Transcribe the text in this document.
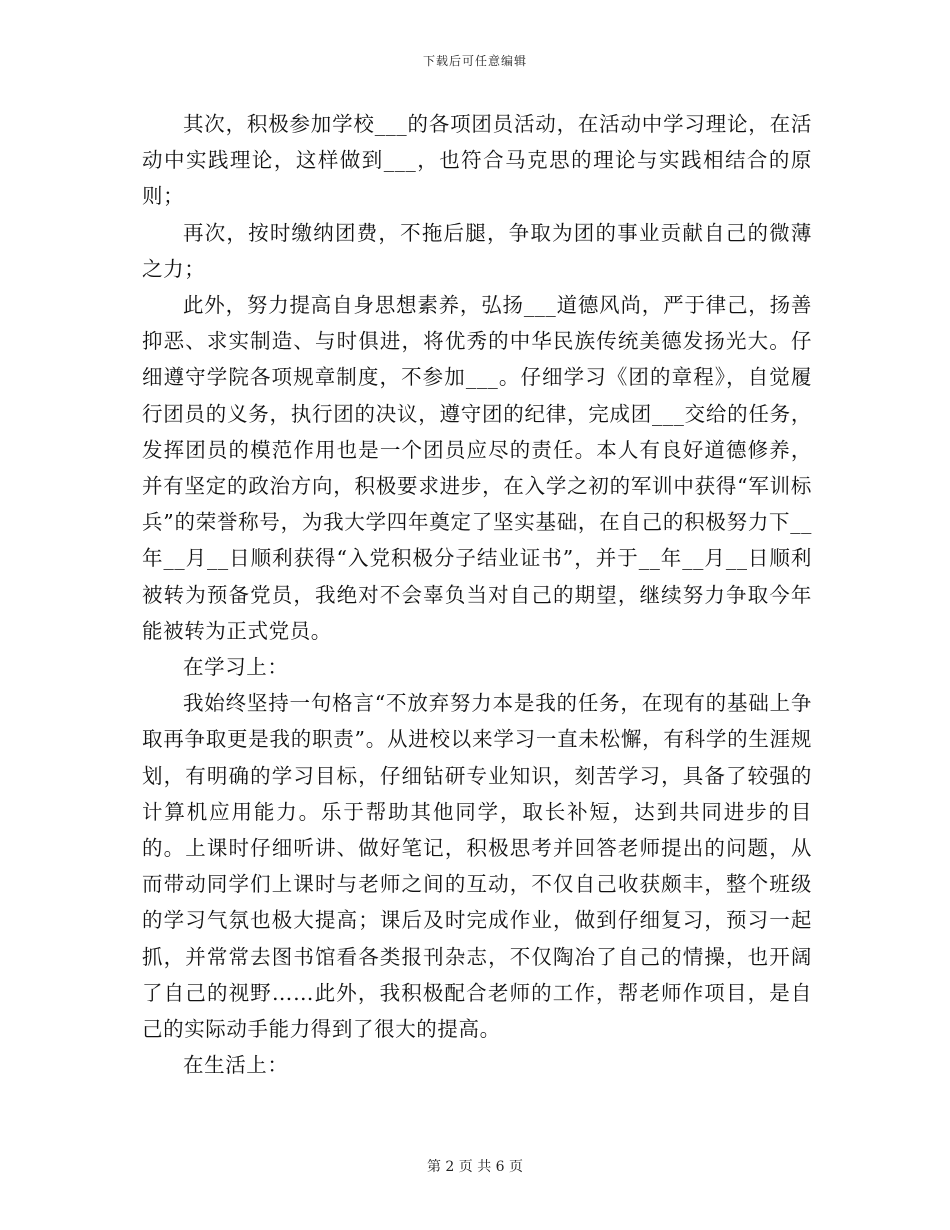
下载后可任意编辑

其次，积极参加学校___的各项团员活动，在活动中学习理论，在活动中实践理论，这样做到___，也符合马克思的理论与实践相结合的原则；

再次，按时缴纳团费，不拖后腿，争取为团的事业贡献自己的微薄之力；

此外，努力提高自身思想素养，弘扬___道德风尚，严于律己，扬善抑恶、求实制造、与时俱进，将优秀的中华民族传统美德发扬光大。仔细遵守学院各项规章制度，不参加___。仔细学习《团的章程》，自觉履行团员的义务，执行团的决议，遵守团的纪律，完成团___交给的任务，发挥团员的模范作用也是一个团员应尽的责任。本人有良好道德修养，并有坚定的政治方向，积极要求进步，在入学之初的军训中获得“军训标兵”的荣誉称号，为我大学四年奠定了坚实基础，在自己的积极努力下__年__月__日顺利获得“入党积极分子结业证书”，并于__年__月__日顺利被转为预备党员，我绝对不会辜负当对自己的期望，继续努力争取今年能被转为正式党员。

在学习上：

我始终坚持一句格言“不放弃努力本是我的任务，在现有的基础上争取再争取更是我的职责”。从进校以来学习一直未松懈，有科学的生涯规划，有明确的学习目标，仔细钻研专业知识，刻苦学习，具备了较强的计算机应用能力。乐于帮助其他同学，取长补短，达到共同进步的目的。上课时仔细听讲、做好笔记，积极思考并回答老师提出的问题，从而带动同学们上课时与老师之间的互动，不仅自己收获颇丰，整个班级的学习气氛也极大提高；课后及时完成作业，做到仔细复习，预习一起抓，并常常去图书馆看各类报刊杂志，不仅陶冶了自己的情操，也开阔了自己的视野……此外，我积极配合老师的工作，帮老师作项目，是自己的实际动手能力得到了很大的提高。

在生活上：

第 2 页 共 6 页
